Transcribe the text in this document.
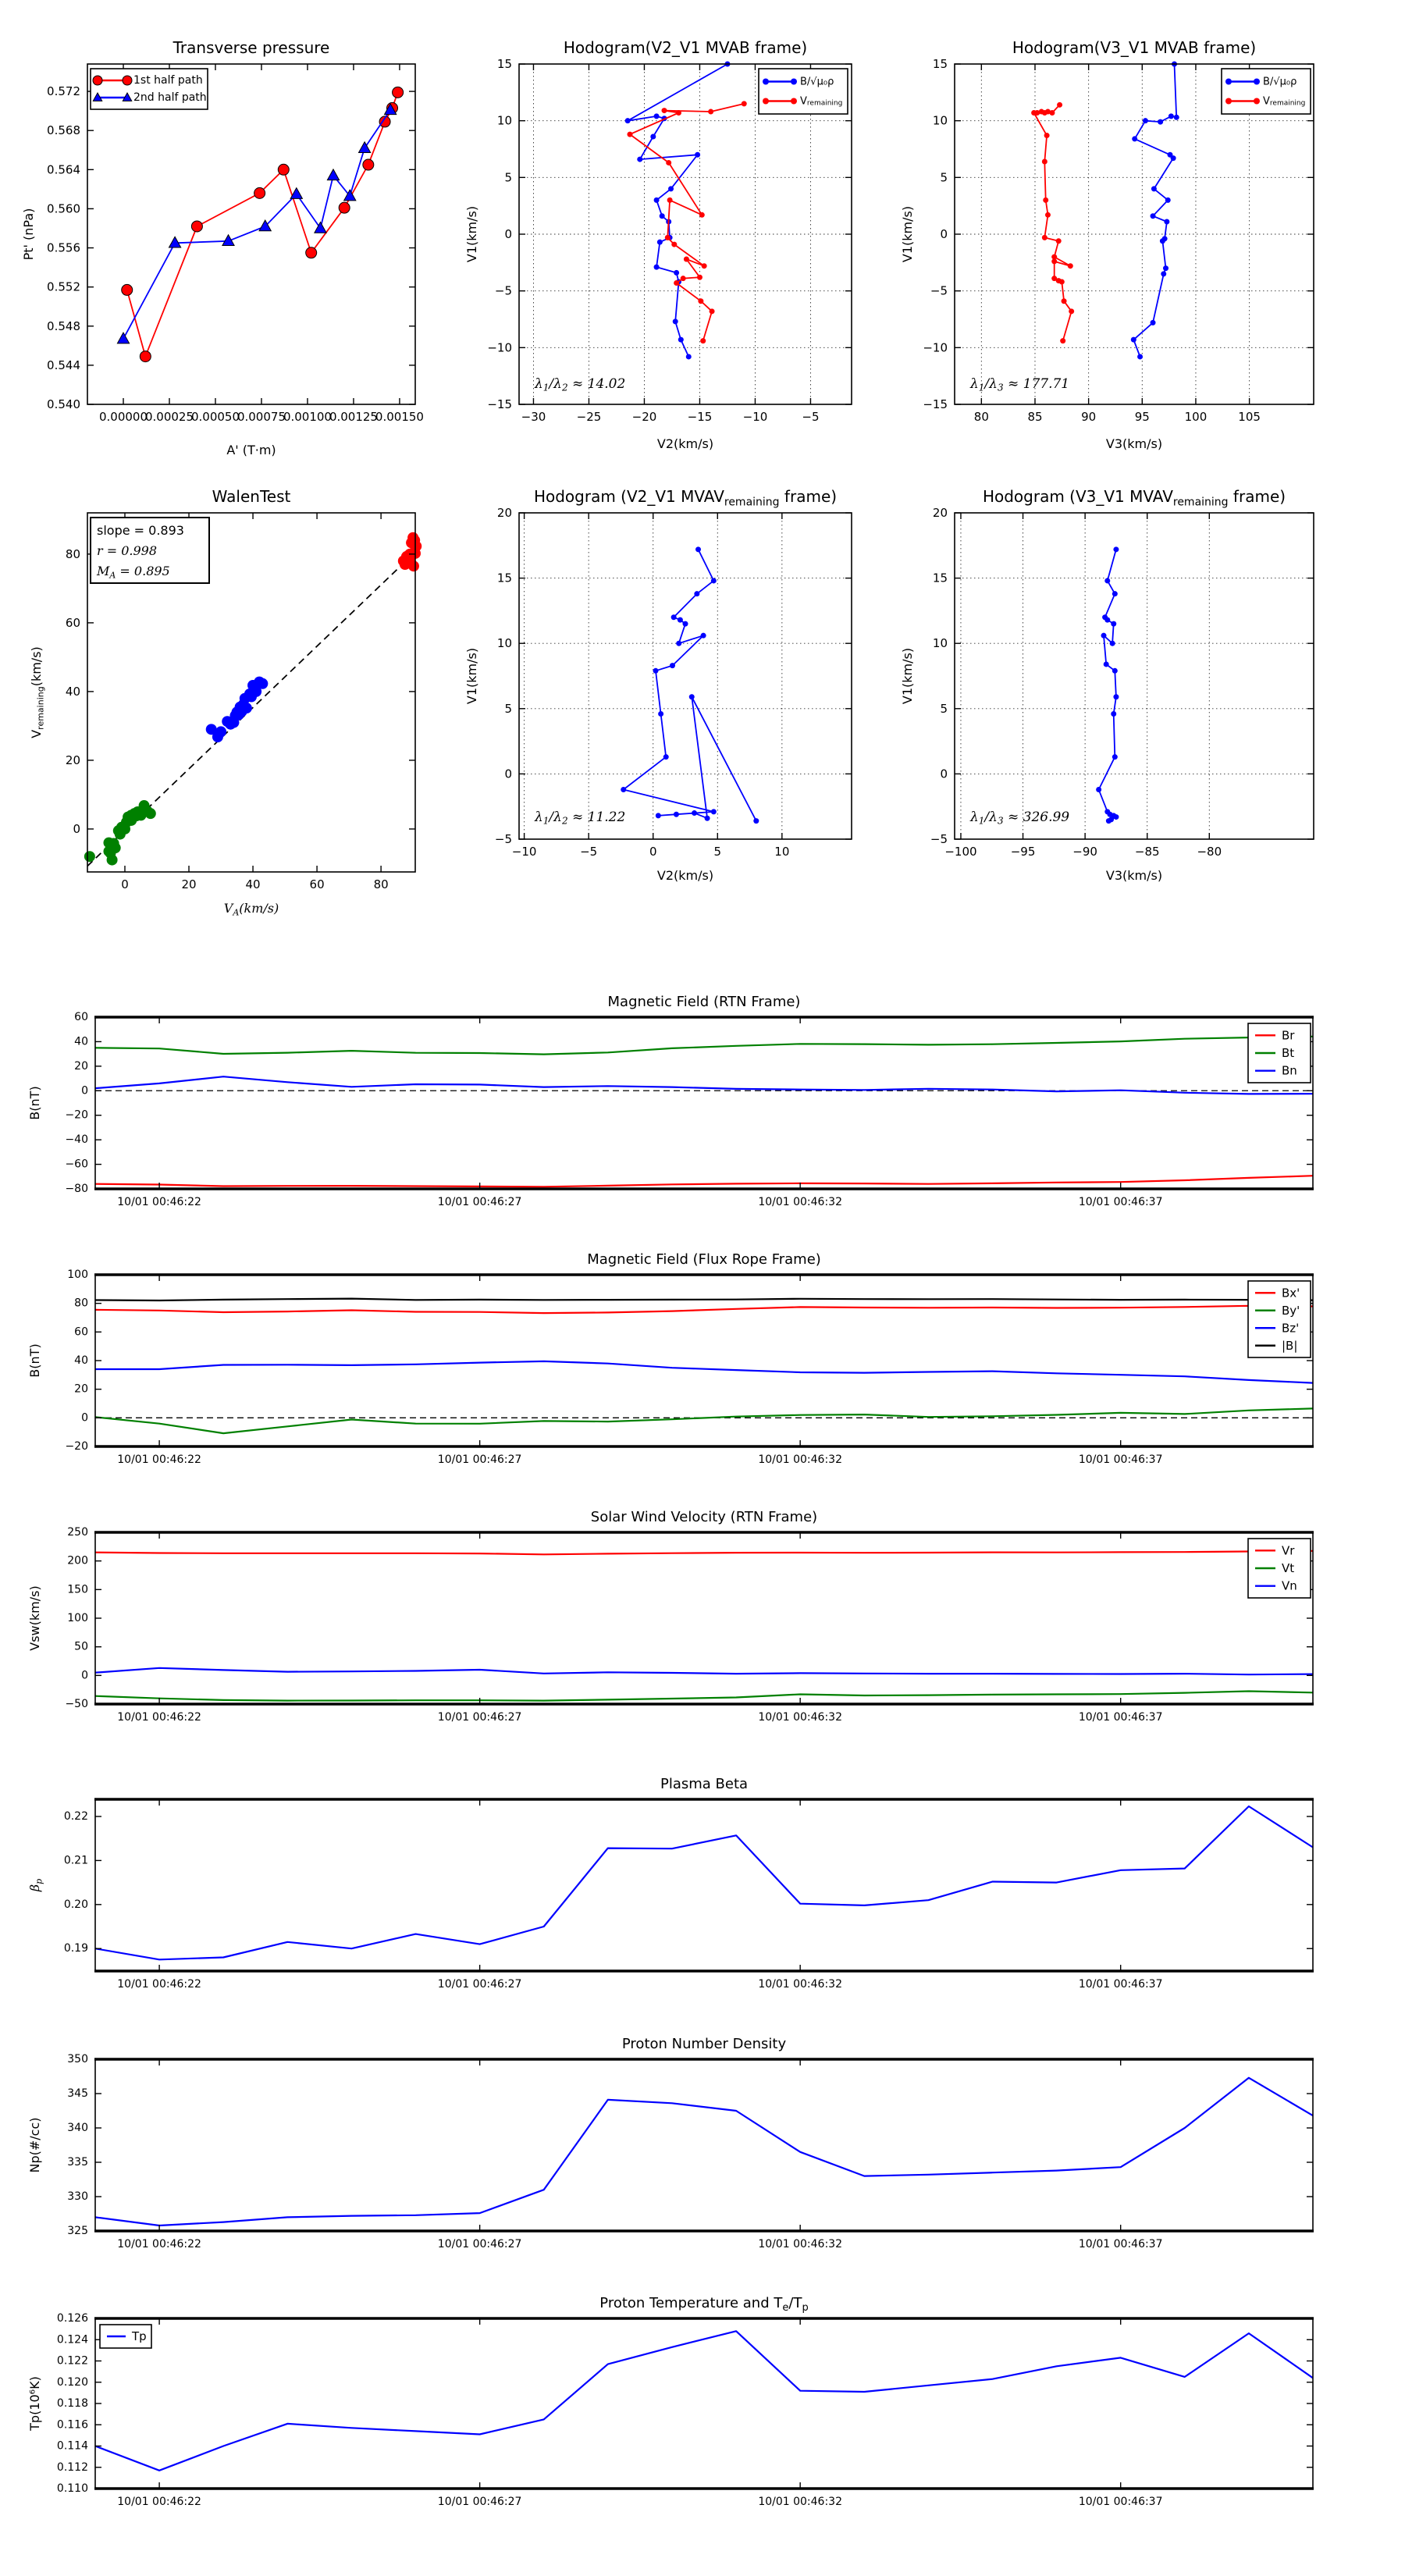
0.00000
0.00025
0.00050
0.00075
0.00100
0.00125
0.00150
0.540
0.544
0.548
0.552
0.556
0.560
0.564
0.568
0.572
Transverse pressure
A' (T·m)
Pt' (nPa)
1st half path
2nd half path
−30	−25	−20	−15	−10	−5
−15
−10
−5
0
5
10
15
Hodogram(V2_V1 MVAB frame)
V2(km/s)
V1(km/s)
$\lambda_1/\lambda_2 \approx 14.02$
B/√μ₀ρ
$V_{remaining}$
80	85	90	95	100	105
−15
−10
−5
0
5
10
15
Hodogram(V3_V1 MVAB frame)
V3(km/s)
V1(km/s)
$\lambda_1/\lambda_3 \approx 177.71$
B/√μ₀ρ
$V_{remaining}$
0	20	40	60	80
0
20
40
60
80
WalenTest
$V_A(km/s)$
$V_{remaining}(km/s)$
slope = 0.893
r = 0.998
$M_A = 0.895$
−10	−5	0	5	10
−5
0
5
10
15
20
Hodogram (V2_V1 $MVAV_{remaining}$ frame)
V2(km/s)
V1(km/s)
$\lambda_1/\lambda_2 \approx 11.22$
−100	−95	−90	−85	−80
−5
0
5
10
15
20
Hodogram (V3_V1 $MVAV_{remaining}$ frame)
V3(km/s)
V1(km/s)
$\lambda_1/\lambda_3 \approx 326.99$
10/01 00:46:22	10/01 00:46:27	10/01 00:46:32	10/01 00:46:37
−80
−60
−40
−20
0
20
40
60
Magnetic Field (RTN Frame)
B(nT)
Br
Bt
Bn
10/01 00:46:22	10/01 00:46:27	10/01 00:46:32	10/01 00:46:37
−20
0
20
40
60
80
100
Magnetic Field (Flux Rope Frame)
B(nT)
Bx'
By'
Bz'
|B|
10/01 00:46:22	10/01 00:46:27	10/01 00:46:32	10/01 00:46:37
−50
0
50
100
150
200
250
Solar Wind Velocity (RTN Frame)
Vsw(km/s)
Vr
Vt
Vn
10/01 00:46:22	10/01 00:46:27	10/01 00:46:32	10/01 00:46:37
0.19
0.20
0.21
0.22
Plasma Beta
$\beta_p$
10/01 00:46:22	10/01 00:46:27	10/01 00:46:32	10/01 00:46:37
325
330
335
340
345
350
Proton Number Density
Np(#/cc)
10/01 00:46:22	10/01 00:46:27	10/01 00:46:32	10/01 00:46:37
0.110
0.112
0.114
0.116
0.118
0.120
0.122
0.124
0.126
Proton Temperature and $T_e/T_p$
Tp(10⁶K)
Tp
